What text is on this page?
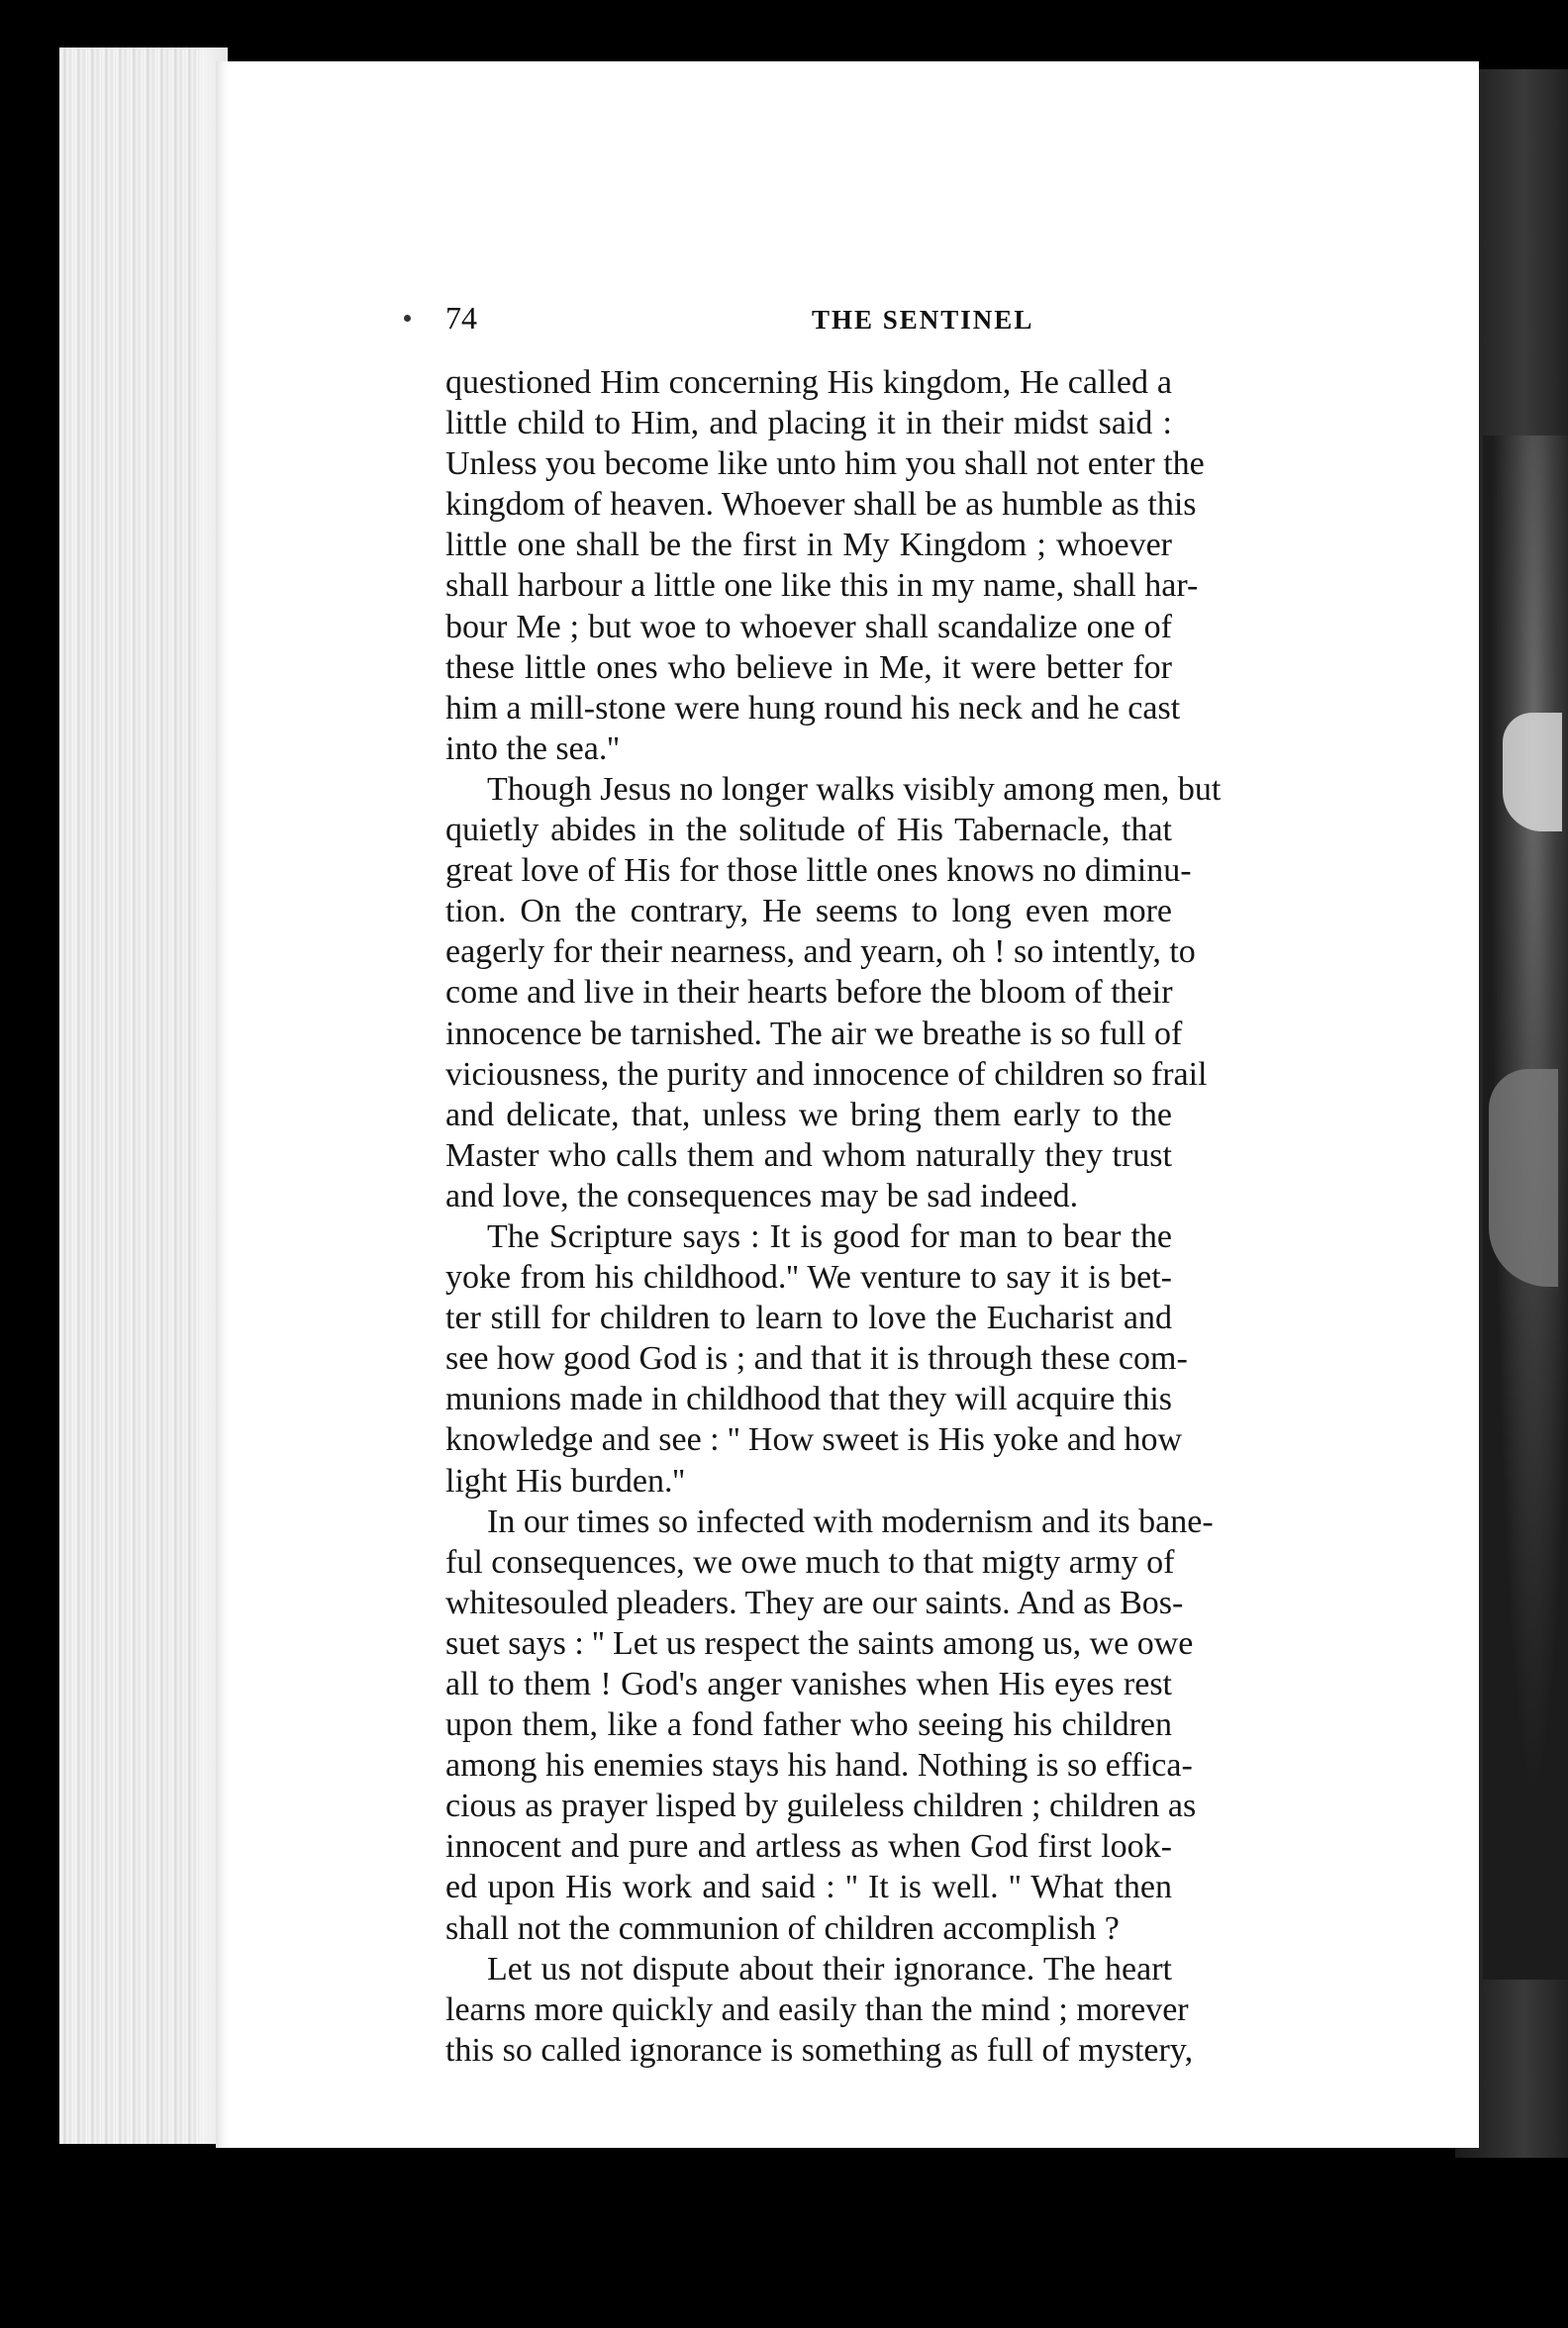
74	THE SENTINEL
questioned Him concerning His kingdom, He called a
little child to Him, and placing it in their midst said :
Unless you become like unto him you shall not enter the
kingdom of heaven. Whoever shall be as humble as this
little one shall be the first in My Kingdom ; whoever
shall harbour a little one like this in my name, shall har-
bour Me ; but woe to whoever shall scandalize one of
these little ones who believe in Me, it were better for
him a mill-stone were hung round his neck and he cast
into the sea.''
Though Jesus no longer walks visibly among men, but
quietly abides in the solitude of His Tabernacle, that
great love of His for those little ones knows no diminu-
tion. On the contrary, He seems to long even more
eagerly for their nearness, and yearn, oh ! so intently, to
come and live in their hearts before the bloom of their
innocence be tarnished. The air we breathe is so full of
viciousness, the purity and innocence of children so frail
and delicate, that, unless we bring them early to the
Master who calls them and whom naturally they trust
and love, the consequences may be sad indeed.
The Scripture says : It is good for man to bear the
yoke from his childhood.'' We venture to say it is bet-
ter still for children to learn to love the Eucharist and
see how good God is ; and that it is through these com-
munions made in childhood that they will acquire this
knowledge and see : '' How sweet is His yoke and how
light His burden.''
In our times so infected with modernism and its bane-
ful consequences, we owe much to that migty army of
whitesouled pleaders. They are our saints. And as Bos-
suet says : '' Let us respect the saints among us, we owe
all to them ! God's anger vanishes when His eyes rest
upon them, like a fond father who seeing his children
among his enemies stays his hand. Nothing is so effica-
cious as prayer lisped by guileless children ; children as
innocent and pure and artless as when God first look-
ed upon His work and said : '' It is well. '' What then
shall not the communion of children accomplish ?
Let us not dispute about their ignorance. The heart
learns more quickly and easily than the mind ; morever
this so called ignorance is something as full of mystery,
